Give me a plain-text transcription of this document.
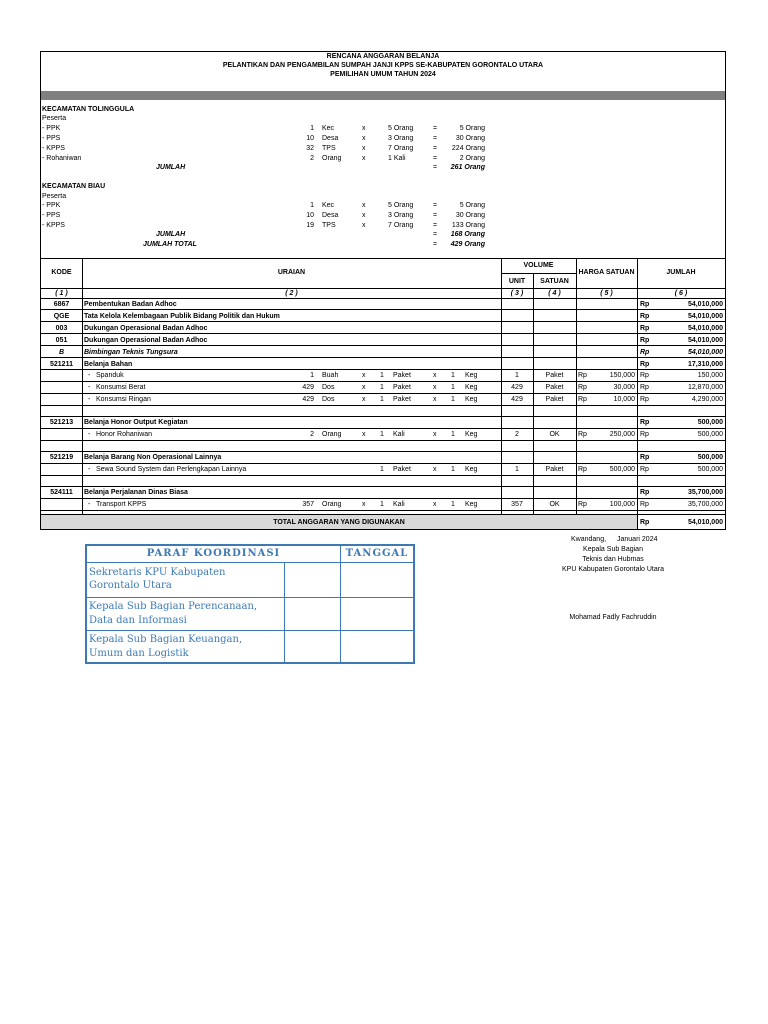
RENCANA ANGGARAN BELANJA
PELANTIKAN DAN PENGAMBILAN SUMPAH JANJI KPPS SE-KABUPATEN GORONTALO UTARA
PEMILIHAN UMUM TAHUN 2024
KECAMATAN TOLINGGULA
Peserta
- PPK	1 Kec	x	5 Orang	=	5 Orang
- PPS	10 Desa	x	3 Orang	=	30 Orang
- KPPS	32 TPS	x	7 Orang	=	224 Orang
- Rohaniwan	2 Orang	x	1 Kali	=	2 Orang
JUMLAH	=	261 Orang
KECAMATAN BIAU
Peserta
- PPK	1 Kec	x	5 Orang	=	5 Orang
- PPS	10 Desa	x	3 Orang	=	30 Orang
- KPPS	19 TPS	x	7 Orang	=	133 Orang
JUMLAH	=	168 Orang
JUMLAH TOTAL	=	429 Orang
KODE	URAIAN
VOLUME
UNIT	SATUAN
HARGA SATUAN	JUMLAH
( 1 )	( 2 )	( 3 )	( 4 )	( 5 )	( 6 )
6867	Pembentukan Badan Adhoc	Rp	54,010,000
QGE	Tata Kelola Kelembagaan Publik Bidang Politik dan Hukum	Rp	54,010,000
003	Dukungan Operasional Badan Adhoc	Rp	54,010,000
051	Dukungan Operasional Badan Adhoc	Rp	54,010,000
B	Bimbingan Teknis Tungsura	Rp	54,010,000
521211	Belanja Bahan	Rp	17,310,000
- Spanduk	1 Buah	x 1 Paket	x 1 Keg	1	Paket	Rp	150,000 Rp	150,000
- Konsumsi Berat	429 Dos	x 1 Paket	x 1 Keg	429	Paket	Rp	30,000 Rp	12,870,000
- Konsumsi Ringan	429 Dos	x 1 Paket	x 1 Keg	429	Paket	Rp	10,000 Rp	4,290,000
521213	Belanja Honor Output Kegiatan	Rp	500,000
- Honor Rohaniwan	2 Orang	x 1 Kali	x 1 Keg	2	OK	Rp	250,000 Rp	500,000
521219	Belanja Barang Non Operasional Lainnya	Rp	500,000
- Sewa Sound System dan Perlengkapan Lainnya	1 Paket	x 1 Keg	1	Paket	Rp	500,000 Rp	500,000
524111	Belanja Perjalanan Dinas Biasa	Rp	35,700,000
- Transport KPPS	357 Orang	x 1 Kali	x 1 Keg	357	OK	Rp	100,000 Rp	35,700,000
TOTAL ANGGARAN YANG DIGUNAKAN	Rp	54,010,000
PARAF KOORDINASI	TANGGAL
Sekretaris KPU Kabupaten
Gorontalo Utara
Kepala Sub Bagian Perencanaan,
Data dan Informasi
Kepala Sub Bagian Keuangan,
Umum dan Logistik
Kwandang, Januari 2024
Kepala Sub Bagian
Teknis dan Hubmas
KPU Kabupaten Gorontalo Utara
Mohamad Fadly Fachruddin
